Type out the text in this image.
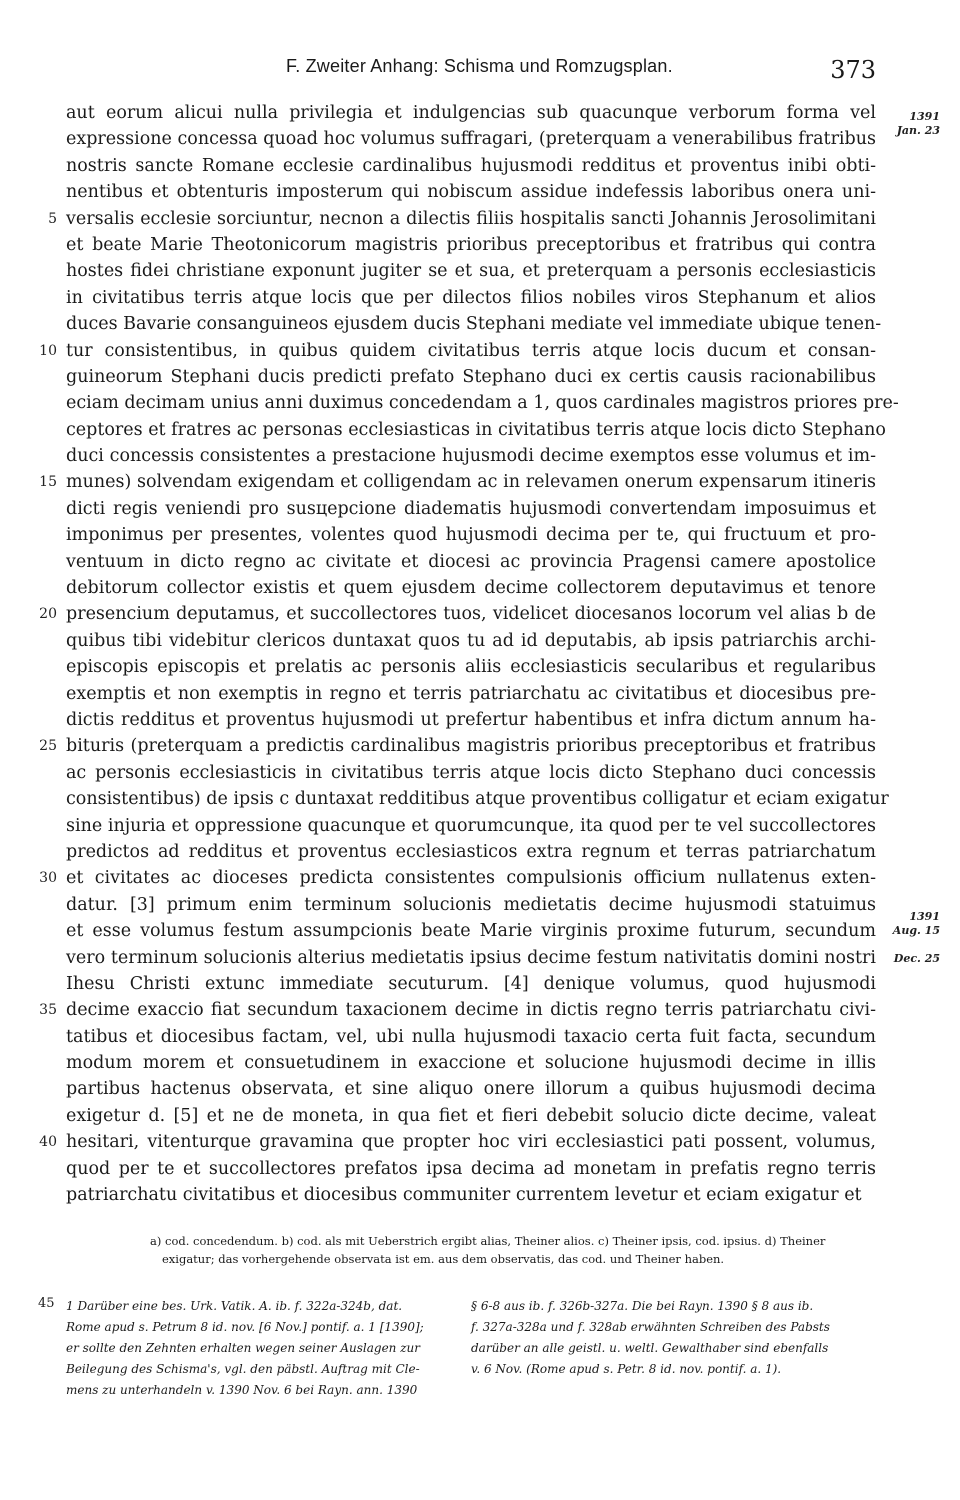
F. Zweiter Anhang: Schisma und Romzugsplan.	373
1391
Jan. 23
1391
Aug. 15
Dec. 25
aut eorum alicui nulla privilegia et indulgencias sub quacunque verborum forma vel
expressione concessa quoad hoc volumus suffragari, (preterquam a venerabilibus fratribus
nostris sancte Romane ecclesie cardinalibus hujusmodi redditus et proventus inibi obti-
nentibus et obtenturis imposterum qui nobiscum assidue indefessis laboribus onera uni-
5 versalis ecclesie sorciuntur, necnon a dilectis filiis hospitalis sancti Johannis Jerosolimitani
et beate Marie Theotonicorum magistris prioribus preceptoribus et fratribus qui contra
hostes fidei christiane exponunt jugiter se et sua, et preterquam a personis ecclesiasticis
in civitatibus terris atque locis que per dilectos filios nobiles viros Stephanum et alios
duces Bavarie consanguineos ejusdem ducis Stephani mediate vel immediate ubique tenen-
10 tur consistentibus, in quibus quidem civitatibus terris atque locis ducum et consan-
guineorum Stephani ducis predicti prefato Stephano duci ex certis causis racionabilibus
eciam decimam unius anni duximus concedendam a 1, quos cardinales magistros priores pre-
ceptores et fratres ac personas ecclesiasticas in civitatibus terris atque locis dicto Stephano
duci concessis consistentes a prestacione hujusmodi decime exemptos esse volumus et im-
15 munes) solvendam exigendam et colligendam ac in relevamen onerum expensarum itineris
dicti regis veniendi pro susцepcione diadematis hujusmodi convertendam imposuimus et
imponimus per presentes, volentes quod hujusmodi decima per te, qui fructuum et pro-
ventuum in dicto regno ac civitate et diocesi ac provincia Pragensi camere apostolice
debitorum collector existis et quem ejusdem decime collectorem deputavimus et tenore
20 presencium deputamus, et succollectores tuos, videlicet diocesanos locorum vel alias b de
quibus tibi videbitur clericos duntaxat quos tu ad id deputabis, ab ipsis patriarchis archi-
episcopis episcopis et prelatis ac personis aliis ecclesiasticis secularibus et regularibus
exemptis et non exemptis in regno et terris patriarchatu ac civitatibus et diocesibus pre-
dictis redditus et proventus hujusmodi ut prefertur habentibus et infra dictum annum ha-
25 bituris (preterquam a predictis cardinalibus magistris prioribus preceptoribus et fratribus
ac personis ecclesiasticis in civitatibus terris atque locis dicto Stephano duci concessis
consistentibus) de ipsis c duntaxat redditibus atque proventibus colligatur et eciam exigatur
sine injuria et oppressione quacunque et quorumcunque, ita quod per te vel succollectores
predictos ad redditus et proventus ecclesiasticos extra regnum et terras patriarchatum
30 et civitates ac dioceses predicta consistentes compulsionis officium nullatenus exten-
datur. [3] primum enim terminum solucionis medietatis decime hujusmodi statuimus
et esse volumus festum assumpcionis beate Marie virginis proxime futurum, secundum
vero terminum solucionis alterius medietatis ipsius decime festum nativitatis domini nostri
Ihesu Christi extunc immediate secuturum. [4] denique volumus, quod hujusmodi
35 decime exaccio fiat secundum taxacionem decime in dictis regno terris patriarchatu civi-
tatibus et diocesibus factam, vel, ubi nulla hujusmodi taxacio certa fuit facta, secundum
modum morem et consuetudinem in exaccione et solucione hujusmodi decime in illis
partibus hactenus observata, et sine aliquo onere illorum a quibus hujusmodi decima
exigetur d. [5] et ne de moneta, in qua fiet et fieri debebit solucio dicte decime, valeat
40 hesitari, vitenturque gravamina que propter hoc viri ecclesiastici pati possent, volumus,
quod per te et succollectores prefatos ipsa decima ad monetam in prefatis regno terris
patriarchatu civitatibus et diocesibus communiter currentem levetur et eciam exigatur et

a) cod. concedendum. b) cod. als mit Ueberstrich ergibt alias, Theiner alios. c) Theiner ipsis, cod. ipsius. d) Theiner

exigatur; das vorhergehende observata ist em. aus dem observatis, das cod. und Theiner haben.

45 1 Darüber eine bes. Urk. Vatik. A. ib. f. 322a-324b, dat.

Rome apud s. Petrum 8 id. nov. [6 Nov.] pontif. a. 1 [1390];

er sollte den Zehnten erhalten wegen seiner Auslagen zur

Beilegung des Schisma's, vgl. den päbstl. Auftrag mit Cle-

mens zu unterhandeln v. 1390 Nov. 6 bei Rayn. ann. 1390

§ 6-8 aus ib. f. 326b-327a. Die bei Rayn. 1390 § 8 aus ib.

f. 327a-328a und f. 328ab erwähnten Schreiben des Pabsts

darüber an alle geistl. u. weltl. Gewalthaber sind ebenfalls

v. 6 Nov. (Rome apud s. Petr. 8 id. nov. pontif. a. 1).
